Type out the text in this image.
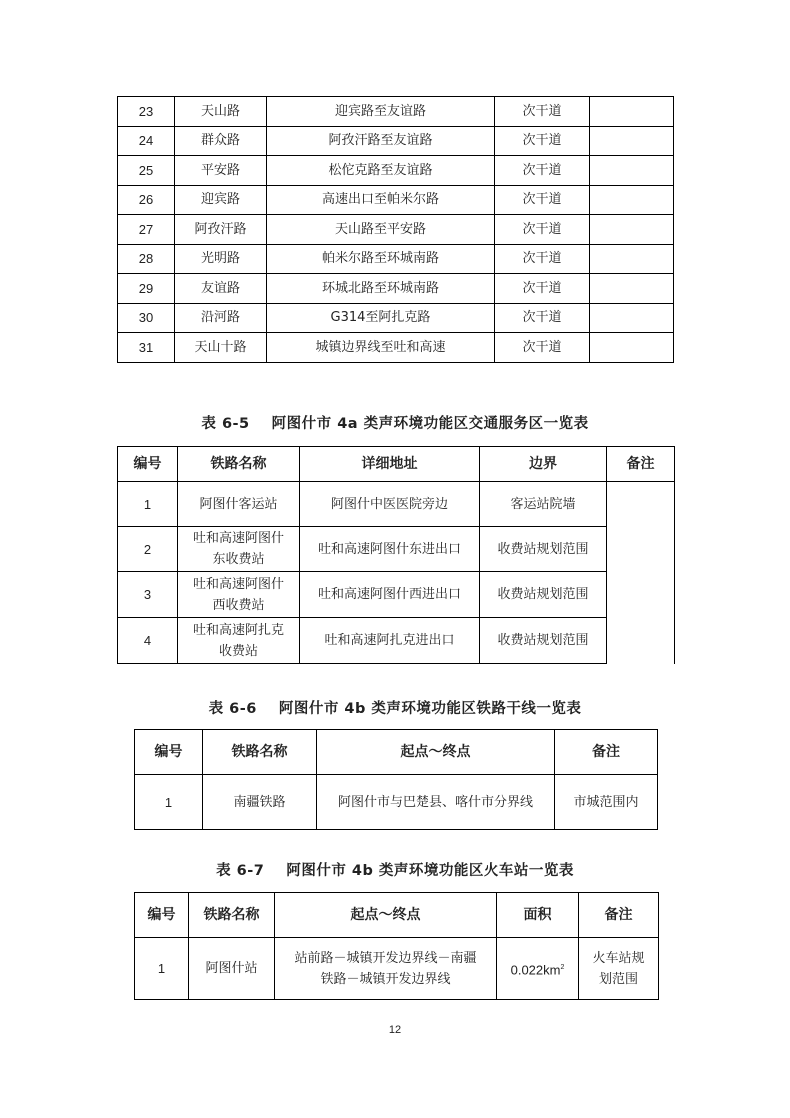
23	天山路	迎宾路至友谊路	次干道	
24	群众路	阿孜汗路至友谊路	次干道	
25	平安路	松佗克路至友谊路	次干道	
26	迎宾路	高速出口至帕米尔路	次干道	
27	阿孜汗路	天山路至平安路	次干道	
28	光明路	帕米尔路至环城南路	次干道	
29	友谊路	环城北路至环城南路	次干道	
30	沿河路	G314至阿扎克路	次干道	
31	天山十路	城镇边界线至吐和高速	次干道	
表 6-5 阿图什市 4a 类声环境功能区交通服务区一览表
编号	铁路名称	详细地址	边界	备注
1	阿图什客运站	阿图什中医医院旁边	客运站院墙	
2	吐和高速阿图什
东收费站	吐和高速阿图什东进出口	收费站规划范围	
3	吐和高速阿图什
西收费站	吐和高速阿图什西进出口	收费站规划范围	
4	吐和高速阿扎克
收费站	吐和高速阿扎克进出口	收费站规划范围	
表 6-6 阿图什市 4b 类声环境功能区铁路干线一览表
编号	铁路名称	起点～终点	备注
1	南疆铁路	阿图什市与巴楚县、喀什市分界线	市城范围内
表 6-7 阿图什市 4b 类声环境功能区火车站一览表
编号	铁路名称	起点～终点	面积	备注
1	阿图什站	站前路－城镇开发边界线－南疆
铁路－城镇开发边界线	$0.022km^2$	火车站规
划范围
12
